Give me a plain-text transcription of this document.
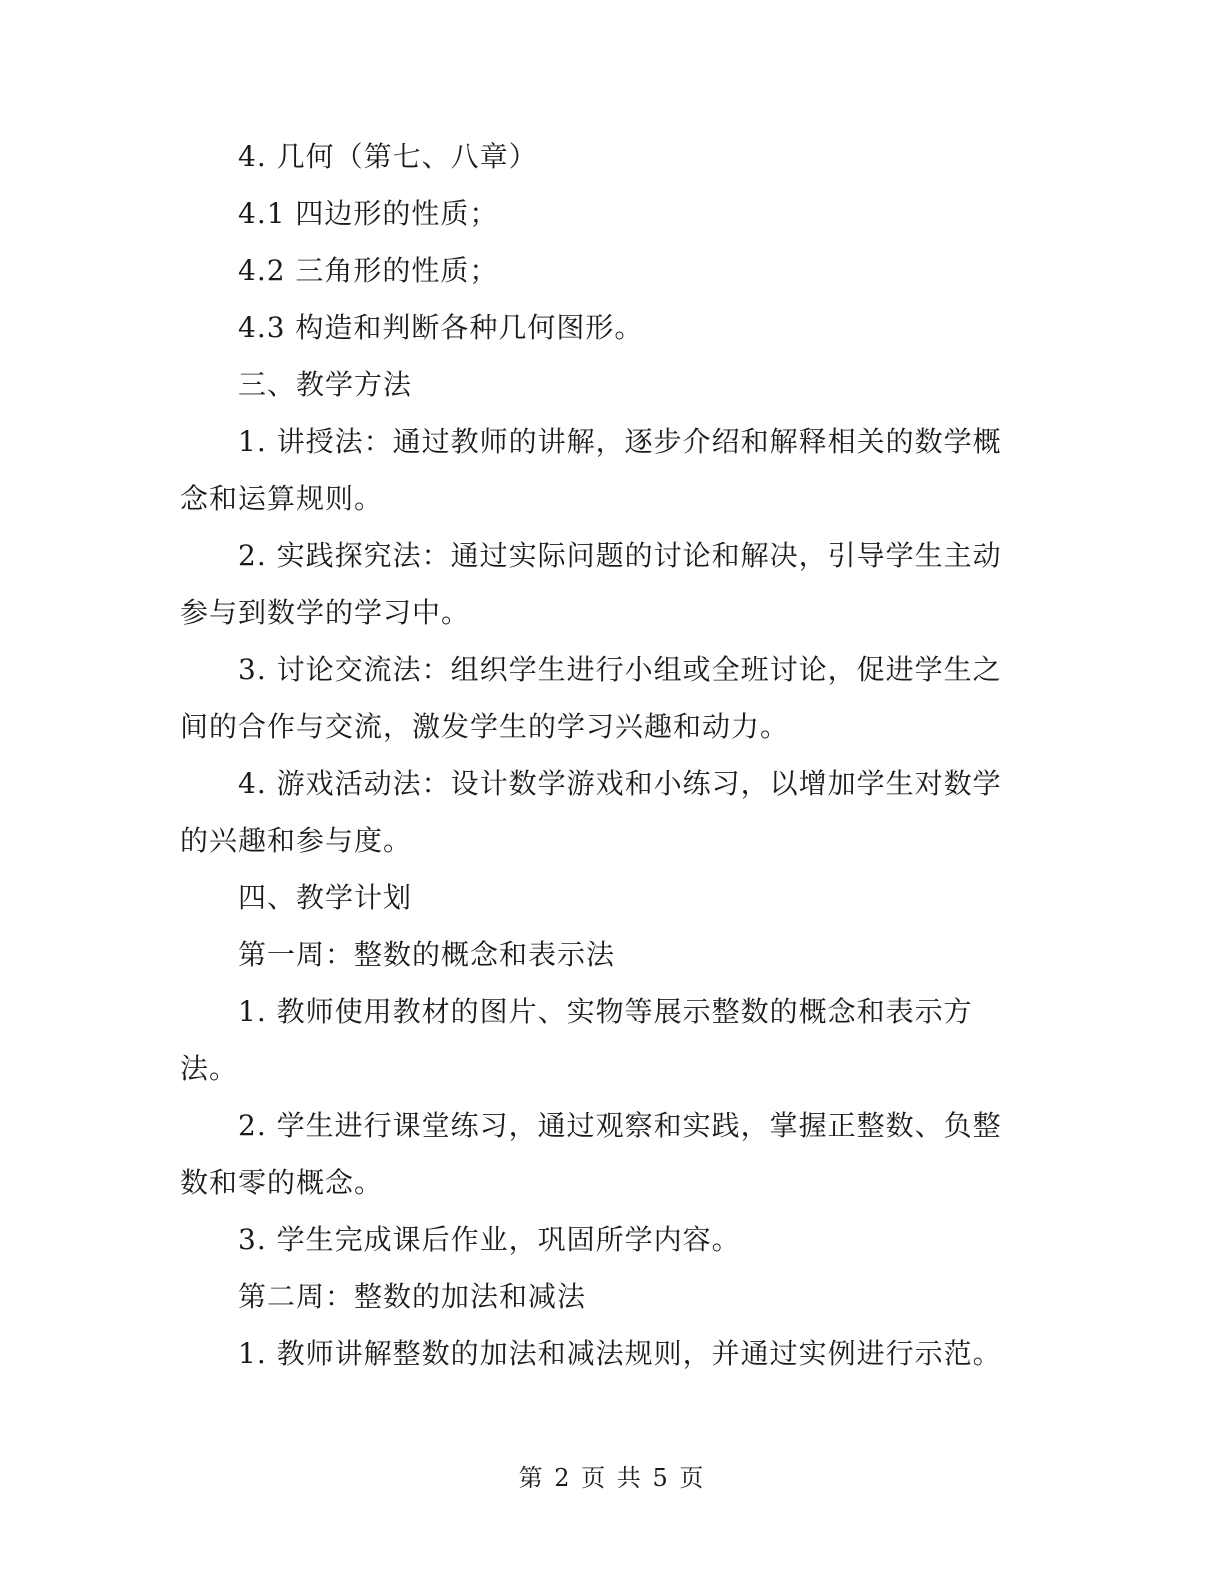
4. 几何（第七、八章）
4.1 四边形的性质；
4.2 三角形的性质；
4.3 构造和判断各种几何图形。
三、教学方法
1. 讲授法：通过教师的讲解，逐步介绍和解释相关的数学概
念和运算规则。
2. 实践探究法：通过实际问题的讨论和解决，引导学生主动
参与到数学的学习中。
3. 讨论交流法：组织学生进行小组或全班讨论，促进学生之
间的合作与交流，激发学生的学习兴趣和动力。
4. 游戏活动法：设计数学游戏和小练习，以增加学生对数学
的兴趣和参与度。
四、教学计划
第一周：整数的概念和表示法
1. 教师使用教材的图片、实物等展示整数的概念和表示方
法。
2. 学生进行课堂练习，通过观察和实践，掌握正整数、负整
数和零的概念。
3. 学生完成课后作业，巩固所学内容。
第二周：整数的加法和减法
1. 教师讲解整数的加法和减法规则，并通过实例进行示范。
第 2 页 共 5 页
